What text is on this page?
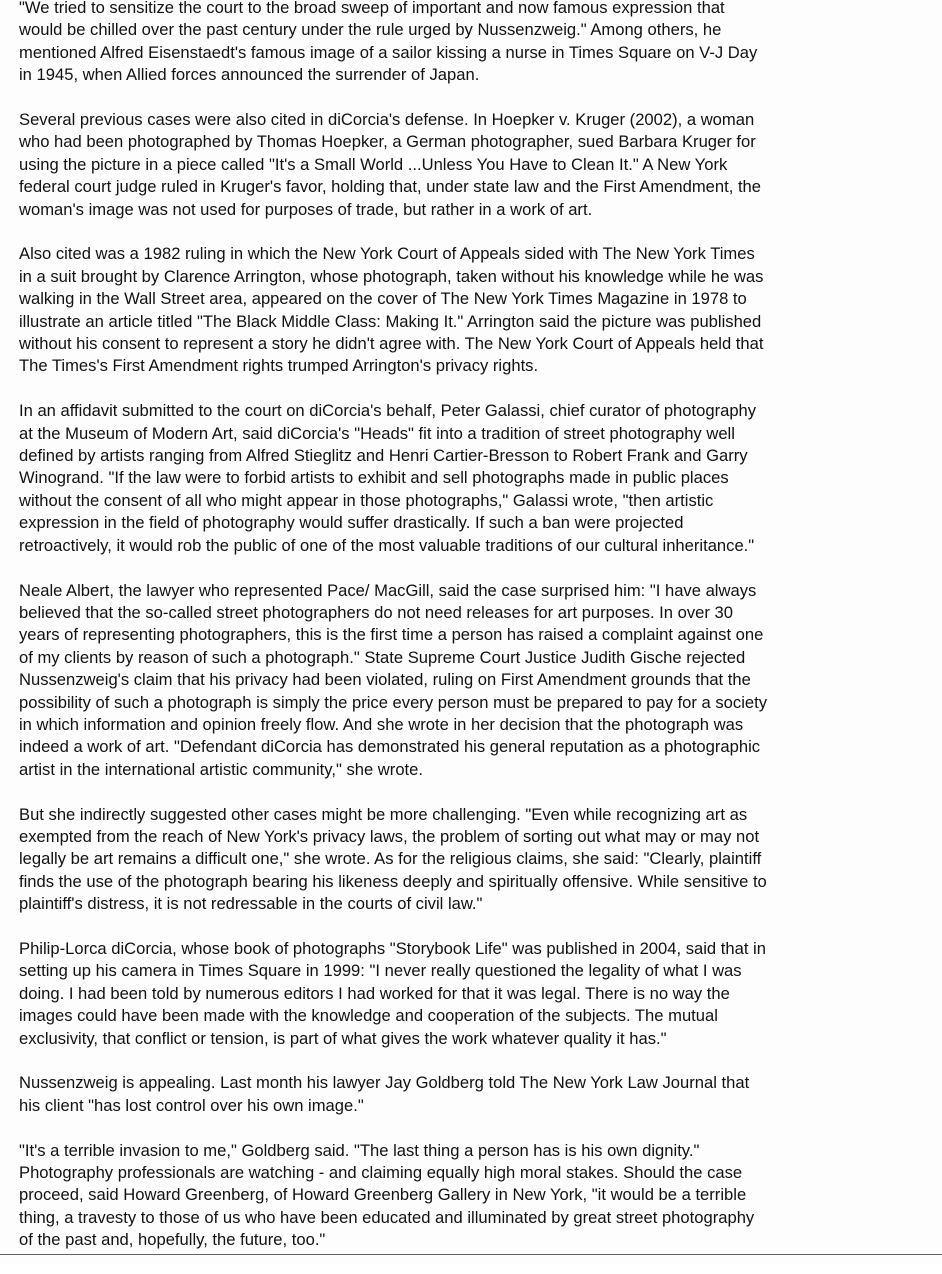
"We tried to sensitize the court to the broad sweep of important and now famous expression that
would be chilled over the past century under the rule urged by Nussenzweig." Among others, he
mentioned Alfred Eisenstaedt's famous image of a sailor kissing a nurse in Times Square on V-J Day
in 1945, when Allied forces announced the surrender of Japan.

Several previous cases were also cited in diCorcia's defense. In Hoepker v. Kruger (2002), a woman
who had been photographed by Thomas Hoepker, a German photographer, sued Barbara Kruger for
using the picture in a piece called "It's a Small World ...Unless You Have to Clean It." A New York
federal court judge ruled in Kruger's favor, holding that, under state law and the First Amendment, the
woman's image was not used for purposes of trade, but rather in a work of art.

Also cited was a 1982 ruling in which the New York Court of Appeals sided with The New York Times
in a suit brought by Clarence Arrington, whose photograph, taken without his knowledge while he was
walking in the Wall Street area, appeared on the cover of The New York Times Magazine in 1978 to
illustrate an article titled "The Black Middle Class: Making It." Arrington said the picture was published
without his consent to represent a story he didn't agree with. The New York Court of Appeals held that
The Times's First Amendment rights trumped Arrington's privacy rights.

In an affidavit submitted to the court on diCorcia's behalf, Peter Galassi, chief curator of photography
at the Museum of Modern Art, said diCorcia's "Heads" fit into a tradition of street photography well
defined by artists ranging from Alfred Stieglitz and Henri Cartier-Bresson to Robert Frank and Garry
Winogrand. "If the law were to forbid artists to exhibit and sell photographs made in public places
without the consent of all who might appear in those photographs," Galassi wrote, "then artistic
expression in the field of photography would suffer drastically. If such a ban were projected
retroactively, it would rob the public of one of the most valuable traditions of our cultural inheritance."

Neale Albert, the lawyer who represented Pace/ MacGill, said the case surprised him: "I have always
believed that the so-called street photographers do not need releases for art purposes. In over 30
years of representing photographers, this is the first time a person has raised a complaint against one
of my clients by reason of such a photograph." State Supreme Court Justice Judith Gische rejected
Nussenzweig's claim that his privacy had been violated, ruling on First Amendment grounds that the
possibility of such a photograph is simply the price every person must be prepared to pay for a society
in which information and opinion freely flow. And she wrote in her decision that the photograph was
indeed a work of art. "Defendant diCorcia has demonstrated his general reputation as a photographic
artist in the international artistic community," she wrote.

But she indirectly suggested other cases might be more challenging. "Even while recognizing art as
exempted from the reach of New York's privacy laws, the problem of sorting out what may or may not
legally be art remains a difficult one," she wrote. As for the religious claims, she said: "Clearly, plaintiff
finds the use of the photograph bearing his likeness deeply and spiritually offensive. While sensitive to
plaintiff's distress, it is not redressable in the courts of civil law."

Philip-Lorca diCorcia, whose book of photographs "Storybook Life" was published in 2004, said that in
setting up his camera in Times Square in 1999: "I never really questioned the legality of what I was
doing. I had been told by numerous editors I had worked for that it was legal. There is no way the
images could have been made with the knowledge and cooperation of the subjects. The mutual
exclusivity, that conflict or tension, is part of what gives the work whatever quality it has."

Nussenzweig is appealing. Last month his lawyer Jay Goldberg told The New York Law Journal that
his client "has lost control over his own image."

"It's a terrible invasion to me," Goldberg said. "The last thing a person has is his own dignity."
Photography professionals are watching - and claiming equally high moral stakes. Should the case
proceed, said Howard Greenberg, of Howard Greenberg Gallery in New York, "it would be a terrible
thing, a travesty to those of us who have been educated and illuminated by great street photography
of the past and, hopefully, the future, too."
